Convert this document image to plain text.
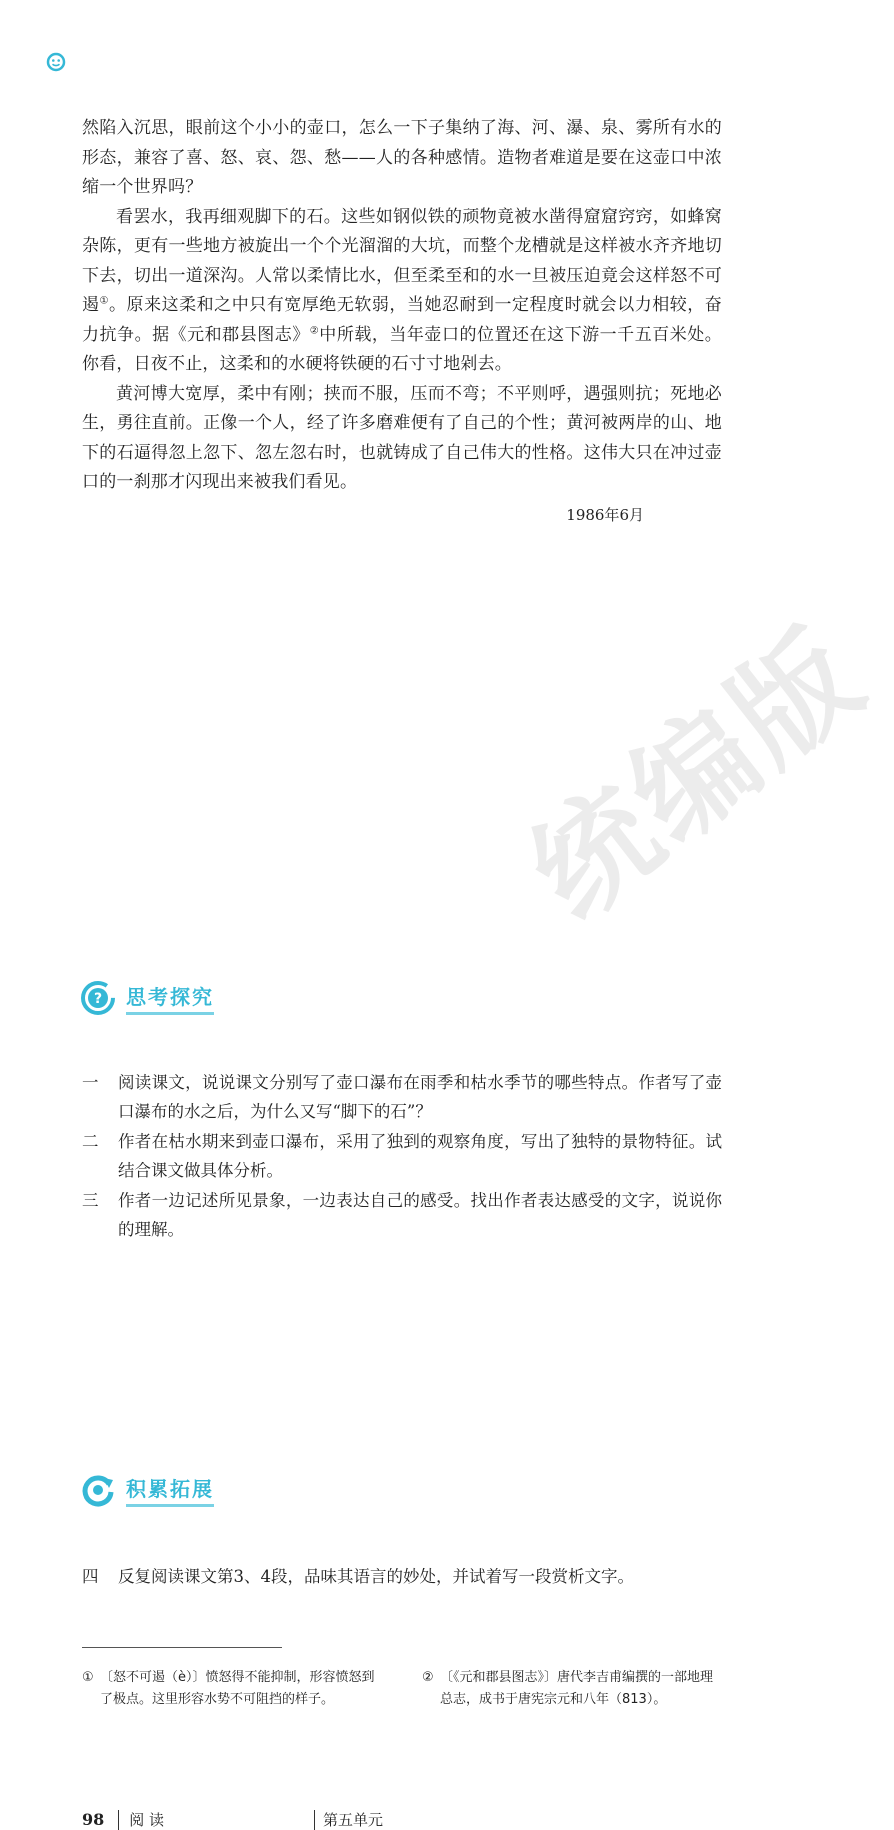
统编版

然陷入沉思，眼前这个小小的壶口，怎么一下子集纳了海、河、瀑、泉、雾所有水的形态，兼容了喜、怒、哀、怨、愁——人的各种感情。造物者难道是要在这壶口中浓缩一个世界吗？

看罢水，我再细观脚下的石。这些如钢似铁的顽物竟被水凿得窟窟窍窍，如蜂窝杂陈，更有一些地方被旋出一个个光溜溜的大坑，而整个龙槽就是这样被水齐齐地切下去，切出一道深沟。人常以柔情比水，但至柔至和的水一旦被压迫竟会这样怒不可遏①。原来这柔和之中只有宽厚绝无软弱，当她忍耐到一定程度时就会以力相较，奋力抗争。据《元和郡县图志》②中所载，当年壶口的位置还在这下游一千五百米处。你看，日夜不止，这柔和的水硬将铁硬的石寸寸地剁去。

黄河博大宽厚，柔中有刚；挟而不服，压而不弯；不平则呼，遇强则抗；死地必生，勇往直前。正像一个人，经了许多磨难便有了自己的个性；黄河被两岸的山、地下的石逼得忽上忽下、忽左忽右时，也就铸成了自己伟大的性格。这伟大只在冲过壶口的一刹那才闪现出来被我们看见。

1986年6月
? 思考探究
一	阅读课文，说说课文分别写了壶口瀑布在雨季和枯水季节的哪些特点。作者写了壶口瀑布的水之后，为什么又写“脚下的石”？
二	作者在枯水期来到壶口瀑布，采用了独到的观察角度，写出了独特的景物特征。试结合课文做具体分析。
三	作者一边记述所见景象，一边表达自己的感受。找出作者表达感受的文字，说说你的理解。
积累拓展
四	反复阅读课文第3、4段，品味其语言的妙处，并试着写一段赏析文字。
① 〔怒不可遏（è）〕愤怒得不能抑制，形容愤怒到了极点。这里形容水势不可阻挡的样子。
② 〔《元和郡县图志》〕唐代李吉甫编撰的一部地理总志，成书于唐宪宗元和八年（813）。
98 阅 读	第五单元
